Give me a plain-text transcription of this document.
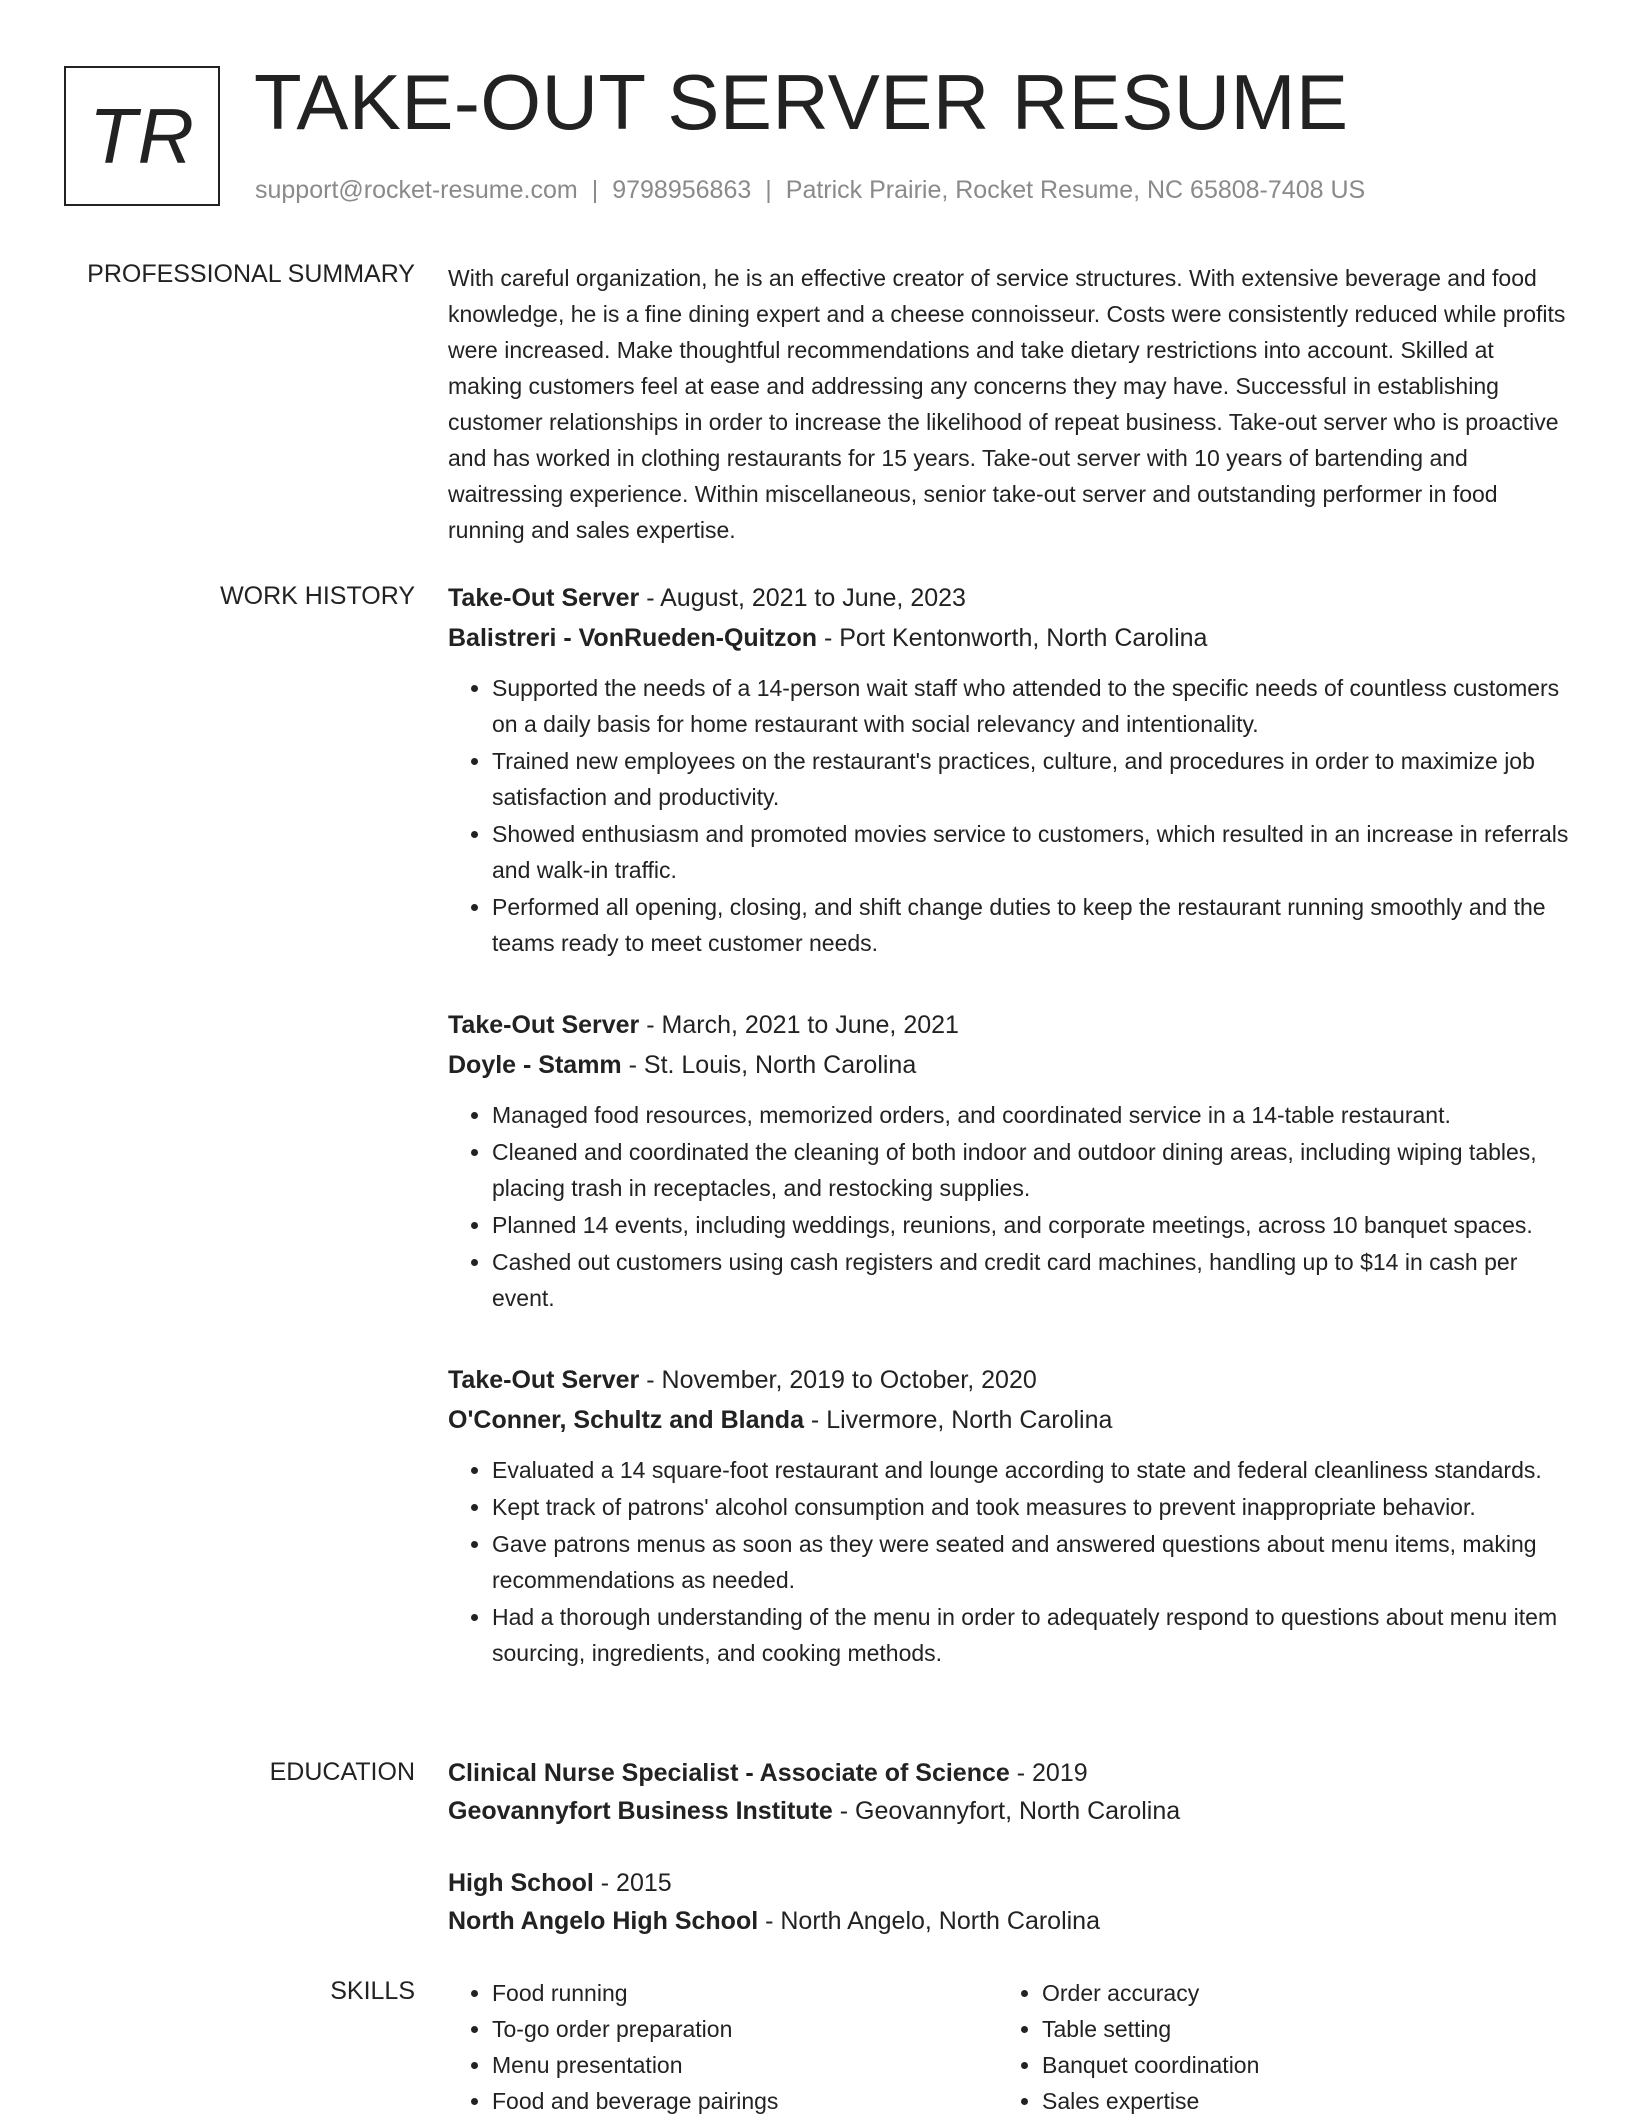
TR TAKE-OUT SERVER RESUME
support@rocket-resume.com | 9798956863 | Patrick Prairie, Rocket Resume, NC 65808-7408 US
PROFESSIONAL SUMMARY With careful organization, he is an effective creator of service structures. With extensive beverage and food knowledge, he is a fine dining expert and a cheese connoisseur. Costs were consistently reduced while profits were increased. Make thoughtful recommendations and take dietary restrictions into account. Skilled at making customers feel at ease and addressing any concerns they may have. Successful in establishing customer relationships in order to increase the likelihood of repeat business. Take-out server who is proactive and has worked in clothing restaurants for 15 years. Take-out server with 10 years of bartending and waitressing experience. Within miscellaneous, senior take-out server and outstanding performer in food running and sales expertise.

WORK HISTORY Take-Out Server - August, 2021 to June, 2023
Balistreri - VonRueden-Quitzon - Port Kentonworth, North Carolina
• Supported the needs of a 14-person wait staff who attended to the specific needs of countless customers on a daily basis for home restaurant with social relevancy and intentionality.
• Trained new employees on the restaurant's practices, culture, and procedures in order to maximize job satisfaction and productivity.
• Showed enthusiasm and promoted movies service to customers, which resulted in an increase in referrals and walk-in traffic.
• Performed all opening, closing, and shift change duties to keep the restaurant running smoothly and the teams ready to meet customer needs.
Take-Out Server - March, 2021 to June, 2021
Doyle - Stamm - St. Louis, North Carolina
• Managed food resources, memorized orders, and coordinated service in a 14-table restaurant.
• Cleaned and coordinated the cleaning of both indoor and outdoor dining areas, including wiping tables, placing trash in receptacles, and restocking supplies.
• Planned 14 events, including weddings, reunions, and corporate meetings, across 10 banquet spaces.
• Cashed out customers using cash registers and credit card machines, handling up to $14 in cash per event.
Take-Out Server - November, 2019 to October, 2020
O'Conner, Schultz and Blanda - Livermore, North Carolina
• Evaluated a 14 square-foot restaurant and lounge according to state and federal cleanliness standards.
• Kept track of patrons' alcohol consumption and took measures to prevent inappropriate behavior.
• Gave patrons menus as soon as they were seated and answered questions about menu items, making recommendations as needed.
• Had a thorough understanding of the menu in order to adequately respond to questions about menu item sourcing, ingredients, and cooking methods.
EDUCATION Clinical Nurse Specialist - Associate of Science - 2019
Geovannyfort Business Institute - Geovannyfort, North Carolina
High School - 2015
North Angelo High School - North Angelo, North Carolina
SKILLS
•	Food running
• To-go order preparation
• Menu presentation
• Food and beverage pairings
• Order accuracy
• Table setting
• Banquet coordination
• Sales expertise
